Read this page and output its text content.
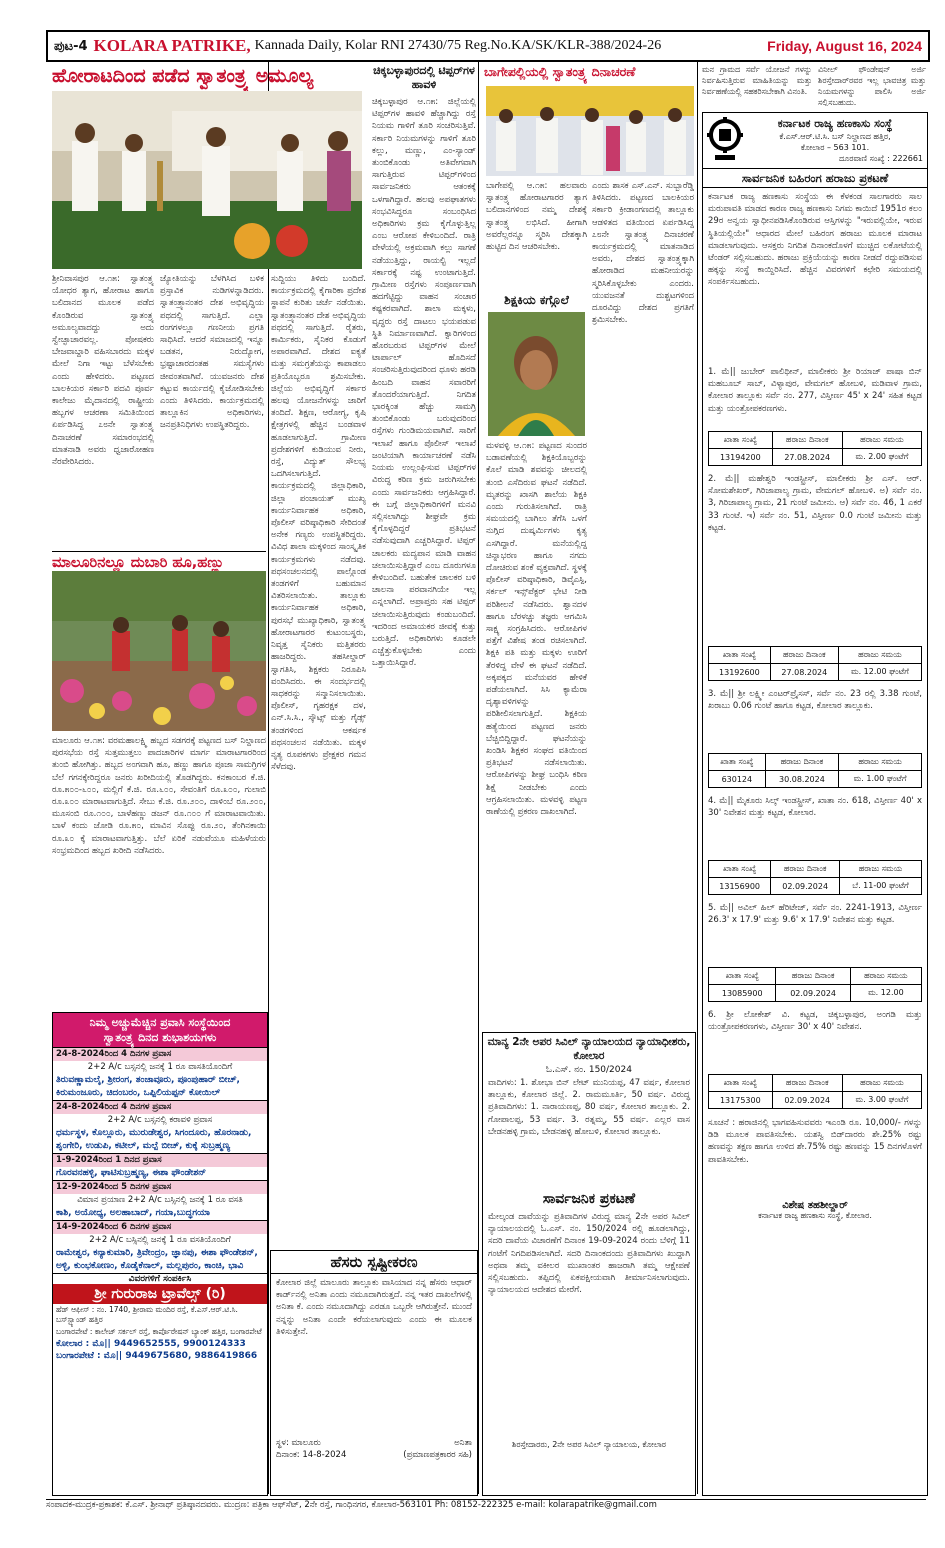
ಪುಟ-4 KOLARA PATRIKE, Kannada Daily, Kolar RNI 27430/75 Reg.No.KA/SK/KLR-388/2024-26	Friday, August 16, 2024
ಹೋರಾಟದಿಂದ ಪಡೆದ ಸ್ವಾತಂತ್ರ್ಯ ಅಮೂಲ್ಯ
ಶ್ರೀನಿವಾಸಪುರ ಆ.೧೫: ಸ್ವಾತಂತ್ರ್ಯ ಯೋಧರ ತ್ಯಾಗ, ಹೋರಾಟ ಹಾಗೂ ಬಲಿದಾನದ ಮೂಲಕ ಪಡೆದ ಕೊಂಡಿರುವ ಸ್ವಾತಂತ್ರ್ಯ ಅಮೂಲ್ಯವಾದದ್ದು ಅದು ಸ್ವೇಚ್ಛಾಚಾರವಲ್ಲ. ಪೋಷಕರು ಬೇಜವಾಬ್ದಾರಿ ವಹಿಸಬಾರದು ಮಕ್ಕಳ ಮೇಲೆ ನಿಗಾ ಇಟ್ಟು ಬೆಳೆಸಬೇಕು ಎಂದು ಹೇಳಿದರು. ಪಟ್ಟಣದ ಬಾಲಕಿಯರ ಸರ್ಕಾರಿ ಪದವಿ ಪೂರ್ವ ಕಾಲೇಜು ಮೈದಾನದಲ್ಲಿ ರಾಷ್ಟ್ರೀಯ ಹಬ್ಬಗಳ ಆಚರಣಾ ಸಮಿತಿಯಿಂದ ಏರ್ಪಡಿಸಿದ್ದ ೭೮ನೇ ಸ್ವಾತಂತ್ರ್ಯ ದಿನಾಚರಣೆ ಸಮಾರಂಭದಲ್ಲಿ ಮಾತನಾಡಿ ಅವರು ಧ್ವಜಾರೋಹಣ ನೆರವೇರಿಸಿದರು.
ಜ್ಯೋತಿಯನ್ನು ಬೆಳಗಿಸಿದ ಬಳಿಕ ಪ್ರಸ್ತಾವಿಕ ನುಡಿಗಳನ್ನಾಡಿದರು. ಸ್ವಾತಂತ್ರ್ಯಾನಂತರ ದೇಶ ಅಭಿವೃದ್ಧಿಯ ಪಥದಲ್ಲಿ ಸಾಗುತ್ತಿದೆ. ಎಲ್ಲಾ ರಂಗಗಳಲ್ಲೂ ಗಣನೀಯ ಪ್ರಗತಿ ಸಾಧಿಸಿದೆ. ಆದರೆ ಸಮಾಜದಲ್ಲಿ ಇನ್ನೂ ಬಡತನ, ನಿರುದ್ಯೋಗ, ಭ್ರಷ್ಟಾಚಾರದಂತಹ ಸಮಸ್ಯೆಗಳು ಜೀವಂತವಾಗಿವೆ. ಯುವಜನರು ದೇಶ ಕಟ್ಟುವ ಕಾರ್ಯದಲ್ಲಿ ಕೈಜೋಡಿಸಬೇಕು ಎಂದು ತಿಳಿಸಿದರು. ಕಾರ್ಯಕ್ರಮದಲ್ಲಿ ತಾಲ್ಲೂಕಿನ ಅಧಿಕಾರಿಗಳು, ಜನಪ್ರತಿನಿಧಿಗಳು ಉಪಸ್ಥಿತರಿದ್ದರು.
ಮಾಲೂರಿನಲ್ಲೂ ದುಬಾರಿ ಹೂ,ಹಣ್ಣು
ಮಾಲೂರು ಆ.೧೫: ವರಮಹಾಲಕ್ಷ್ಮಿ ಹಬ್ಬದ ಸಡಗರಕ್ಕೆ ಪಟ್ಟಣದ ಬಸ್ ನಿಲ್ದಾಣದ ಪುರಸಭೆಯ ರಸ್ತೆ ಸುತ್ತಮುತ್ತಲು ಪಾದಚಾರಿಗಳ ಮಾರ್ಗ ಮಾರಾಟಗಾರರಿಂದ ತುಂಬಿ ಹೋಗಿತ್ತು. ಹಬ್ಬದ ಅಂಗವಾಗಿ ಹೂ, ಹಣ್ಣು ಹಾಗೂ ಪೂಜಾ ಸಾಮಗ್ರಿಗಳ ಬೆಲೆ ಗಗನಕ್ಕೇರಿದ್ದರೂ ಜನರು ಖರೀದಿಯಲ್ಲಿ ತೊಡಗಿದ್ದರು. ಕನಕಾಂಬರ ಕೆ.ಜಿ. ರೂ.೫೦೦-೬೦೦, ಮಲ್ಲಿಗೆ ಕೆ.ಜಿ. ರೂ.೬೦೦, ಸೇವಂತಿಗೆ ರೂ.೩೦೦, ಗುಲಾಬಿ ರೂ.೩೦೦ ಮಾರಾಟವಾಗುತ್ತಿದೆ. ಸೇಬು ಕೆ.ಜಿ. ರೂ.೨೦೦, ದಾಳಿಂಬೆ ರೂ.೨೦೦, ಮೂಸಂಬಿ ರೂ.೧೦೦, ಬಾಳೆಹಣ್ಣು ಡಜನ್ ರೂ.೧೦೦ ಗೆ ಮಾರಾಟವಾಯಿತು. ಬಾಳೆ ಕಂದು ಜೋಡಿ ರೂ.೫೦, ಮಾವಿನ ಸೊಪ್ಪು ರೂ.೨೦, ತೆಂಗಿನಕಾಯಿ ರೂ.೩೦ ಕ್ಕೆ ಮಾರಾಟವಾಗುತ್ತಿತ್ತು. ಬೆಲೆ ಏರಿಕೆ ನಡುವೆಯೂ ಮಹಿಳೆಯರು ಸಂಭ್ರಮದಿಂದ ಹಬ್ಬದ ಖರೀದಿ ನಡೆಸಿದರು.
ಸುದ್ದಿಯು ತಿಳಿದು ಬಂದಿದೆ. ಕಾರ್ಯಕ್ರಮದಲ್ಲಿ ಕೈಗಾರಿಕಾ ಪ್ರದೇಶ ಸ್ಥಾಪನೆ ಕುರಿತು ಚರ್ಚೆ ನಡೆಯಿತು. ಸ್ವಾತಂತ್ರ್ಯಾನಂತರ ದೇಶ ಅಭಿವೃದ್ಧಿಯ ಪಥದಲ್ಲಿ ಸಾಗುತ್ತಿದೆ. ರೈತರು, ಕಾರ್ಮಿಕರು, ಸೈನಿಕರ ಕೊಡುಗೆ ಅಪಾರವಾಗಿದೆ. ದೇಶದ ಐಕ್ಯತೆ ಮತ್ತು ಸಮಗ್ರತೆಯನ್ನು ಕಾಪಾಡಲು ಪ್ರತಿಯೊಬ್ಬರೂ ಶ್ರಮಿಸಬೇಕು. ಜಿಲ್ಲೆಯ ಅಭಿವೃದ್ಧಿಗೆ ಸರ್ಕಾರ ಹಲವು ಯೋಜನೆಗಳನ್ನು ಜಾರಿಗೆ ತಂದಿದೆ. ಶಿಕ್ಷಣ, ಆರೋಗ್ಯ, ಕೃಷಿ ಕ್ಷೇತ್ರಗಳಲ್ಲಿ ಹೆಚ್ಚಿನ ಬಂಡವಾಳ ಹೂಡಲಾಗುತ್ತಿದೆ. ಗ್ರಾಮೀಣ ಪ್ರದೇಶಗಳಿಗೆ ಕುಡಿಯುವ ನೀರು, ರಸ್ತೆ, ವಿದ್ಯುತ್ ಸೌಲಭ್ಯ ಒದಗಿಸಲಾಗುತ್ತಿದೆ. ಕಾರ್ಯಕ್ರಮದಲ್ಲಿ ಜಿಲ್ಲಾಧಿಕಾರಿ, ಜಿಲ್ಲಾ ಪಂಚಾಯತ್ ಮುಖ್ಯ ಕಾರ್ಯನಿರ್ವಾಹಕ ಅಧಿಕಾರಿ, ಪೊಲೀಸ್ ವರಿಷ್ಠಾಧಿಕಾರಿ ಸೇರಿದಂತೆ ಅನೇಕ ಗಣ್ಯರು ಉಪಸ್ಥಿತರಿದ್ದರು. ವಿವಿಧ ಶಾಲಾ ಮಕ್ಕಳಿಂದ ಸಾಂಸ್ಕೃತಿಕ ಕಾರ್ಯಕ್ರಮಗಳು ನಡೆದವು. ಪಥಸಂಚಲನದಲ್ಲಿ ಪಾಲ್ಗೊಂಡ ತಂಡಗಳಿಗೆ ಬಹುಮಾನ ವಿತರಿಸಲಾಯಿತು. ತಾಲ್ಲೂಕು ಕಾರ್ಯನಿರ್ವಾಹಕ ಅಧಿಕಾರಿ, ಪುರಸಭೆ ಮುಖ್ಯಾಧಿಕಾರಿ, ಸ್ವಾತಂತ್ರ್ಯ ಹೋರಾಟಗಾರರ ಕುಟುಂಬಸ್ಥರು, ನಿವೃತ್ತ ಸೈನಿಕರು ಮತ್ತಿತರರು ಹಾಜರಿದ್ದರು. ತಹಸೀಲ್ದಾರ್ ಸ್ವಾಗತಿಸಿ, ಶಿಕ್ಷಕರು ನಿರೂಪಿಸಿ ವಂದಿಸಿದರು. ಈ ಸಂದರ್ಭದಲ್ಲಿ ಸಾಧಕರನ್ನು ಸನ್ಮಾನಿಸಲಾಯಿತು. ಪೊಲೀಸ್, ಗೃಹರಕ್ಷಕ ದಳ, ಎನ್.ಸಿ.ಸಿ., ಸ್ಕೌಟ್ಸ್ ಮತ್ತು ಗೈಡ್ಸ್ ತಂಡಗಳಿಂದ ಆಕರ್ಷಕ ಪಥಸಂಚಲನ ನಡೆಯಿತು. ಮಕ್ಕಳ ನೃತ್ಯ ರೂಪಕಗಳು ಪ್ರೇಕ್ಷಕರ ಗಮನ ಸೆಳೆದವು.
ಚಿಕ್ಕಬಳ್ಳಾಪುರದಲ್ಲಿ ಟಿಪ್ಪರ್‌ಗಳ ಹಾವಳಿ
ಚಿಕ್ಕಬಳ್ಳಾಪುರ ಆ.೧೫: ಜಿಲ್ಲೆಯಲ್ಲಿ ಟಿಪ್ಪರ್‌ಗಳ ಹಾವಳಿ ಹೆಚ್ಚಾಗಿದ್ದು ರಸ್ತೆ ನಿಯಮ ಗಾಳಿಗೆ ತೂರಿ ಸಂಚರಿಸುತ್ತಿವೆ. ಸರ್ಕಾರಿ ನಿಯಮಗಳನ್ನು ಗಾಳಿಗೆ ತೂರಿ ಕಲ್ಲು, ಮಣ್ಣು, ಎಂ-ಸ್ಯಾಂಡ್ ತುಂಬಿಕೊಂಡು ಅತಿವೇಗವಾಗಿ ಸಾಗುತ್ತಿರುವ ಟಿಪ್ಪರ್‌ಗಳಿಂದ ಸಾರ್ವಜನಿಕರು ಆತಂಕಕ್ಕೆ ಒಳಗಾಗಿದ್ದಾರೆ. ಹಲವು ಅಪಘಾತಗಳು ಸಂಭವಿಸಿದ್ದರೂ ಸಂಬಂಧಿಸಿದ ಅಧಿಕಾರಿಗಳು ಕ್ರಮ ಕೈಗೊಳ್ಳುತ್ತಿಲ್ಲ ಎಂಬ ಆರೋಪ ಕೇಳಿಬಂದಿದೆ. ರಾತ್ರಿ ವೇಳೆಯಲ್ಲಿ ಅಕ್ರಮವಾಗಿ ಕಲ್ಲು ಸಾಗಣೆ ನಡೆಯುತ್ತಿದ್ದು, ರಾಯಲ್ಟಿ ಇಲ್ಲದೆ ಸರ್ಕಾರಕ್ಕೆ ನಷ್ಟ ಉಂಟಾಗುತ್ತಿದೆ. ಗ್ರಾಮೀಣ ರಸ್ತೆಗಳು ಸಂಪೂರ್ಣವಾಗಿ ಹದಗೆಟ್ಟಿದ್ದು ವಾಹನ ಸಂಚಾರ ಕಷ್ಟಕರವಾಗಿದೆ. ಶಾಲಾ ಮಕ್ಕಳು, ವೃದ್ಧರು ರಸ್ತೆ ದಾಟಲು ಭಯಪಡುವ ಸ್ಥಿತಿ ನಿರ್ಮಾಣವಾಗಿದೆ. ಕ್ವಾರಿಗಳಿಂದ ಹೊರಬರುವ ಟಿಪ್ಪರ್‌ಗಳ ಮೇಲೆ ಟಾರ್ಪಾಲ್ ಹೊದಿಸದೆ ಸಂಚರಿಸುತ್ತಿರುವುದರಿಂದ ಧೂಳು ಹರಡಿ ಹಿಂಬದಿ ವಾಹನ ಸವಾರರಿಗೆ ತೊಂದರೆಯಾಗುತ್ತಿದೆ. ನಿಗದಿತ ಭಾರಕ್ಕಿಂತ ಹೆಚ್ಚು ಸಾಮಗ್ರಿ ತುಂಬಿಕೊಂಡು ಬರುವುದರಿಂದ ರಸ್ತೆಗಳು ಗುಂಡಿಮಯವಾಗಿವೆ. ಸಾರಿಗೆ ಇಲಾಖೆ ಹಾಗೂ ಪೊಲೀಸ್ ಇಲಾಖೆ ಜಂಟಿಯಾಗಿ ಕಾರ್ಯಾಚರಣೆ ನಡೆಸಿ ನಿಯಮ ಉಲ್ಲಂಘಿಸುವ ಟಿಪ್ಪರ್‌ಗಳ ವಿರುದ್ಧ ಕಠಿಣ ಕ್ರಮ ಜರುಗಿಸಬೇಕು ಎಂದು ಸಾರ್ವಜನಿಕರು ಆಗ್ರಹಿಸಿದ್ದಾರೆ. ಈ ಬಗ್ಗೆ ಜಿಲ್ಲಾಧಿಕಾರಿಗಳಿಗೆ ಮನವಿ ಸಲ್ಲಿಸಲಾಗಿದ್ದು ಶೀಘ್ರವೇ ಕ್ರಮ ಕೈಗೊಳ್ಳದಿದ್ದರೆ ಪ್ರತಿಭಟನೆ ನಡೆಸುವುದಾಗಿ ಎಚ್ಚರಿಸಿದ್ದಾರೆ. ಟಿಪ್ಪರ್ ಚಾಲಕರು ಮದ್ಯಪಾನ ಮಾಡಿ ವಾಹನ ಚಲಾಯಿಸುತ್ತಿದ್ದಾರೆ ಎಂಬ ದೂರುಗಳೂ ಕೇಳಿಬಂದಿವೆ. ಬಹುತೇಕ ಚಾಲಕರ ಬಳಿ ಚಾಲನಾ ಪರವಾನಗಿಯೇ ಇಲ್ಲ ಎನ್ನಲಾಗಿದೆ. ಅಪ್ರಾಪ್ತರು ಸಹ ಟಿಪ್ಪರ್ ಚಲಾಯಿಸುತ್ತಿರುವುದು ಕಂಡುಬಂದಿದೆ. ಇದರಿಂದ ಅಮಾಯಕರ ಜೀವಕ್ಕೆ ಕುತ್ತು ಬರುತ್ತಿದೆ. ಅಧಿಕಾರಿಗಳು ಕೂಡಲೇ ಎಚ್ಚೆತ್ತುಕೊಳ್ಳಬೇಕು ಎಂದು ಒತ್ತಾಯಿಸಿದ್ದಾರೆ.
ನಿಮ್ಮ ಅಚ್ಚುಮೆಚ್ಚಿನ ಪ್ರವಾಸಿ ಸಂಸ್ಥೆಯಿಂದ
ಸ್ವಾತಂತ್ರ್ಯ ದಿನದ ಶುಭಾಶಯಗಳು
24-8-2024ರಿಂದ 4 ದಿನಗಳ ಪ್ರವಾಸ
2+2 A/c ಬಸ್ಸನಲ್ಲಿ ಜನಕ್ಕೆ 1 ರೂ ವಾಸತಿಯೊಂದಿಗೆ
ತಿರುವಣ್ಣಾಮಲೈ, ಶ್ರೀರಂಗ, ತಂಜಾವೂರು, ಪೂಂಪುಹಾರ್ ಬೀಚ್, ಕಿರುಮಂಜೂರು, ಚಿದಂಬರಂ, ಒಪ್ಪಿಲಿಯಪ್ಪನ್ ಕೋಯಿಲ್
24-8-2024ರಿಂದ 4 ದಿನಗಳ ಪ್ರವಾಸ
2+2 A/c ಬಸ್ಸನಲ್ಲಿ ಕರಾವಳಿ ಪ್ರವಾಸ
ಧರ್ಮಸ್ಥಳ, ಕೊಲ್ಲೂರು, ಮುರುಡೇಶ್ವರ, ಸಿಗಂದೂರು, ಹೊರನಾಡು, ಶೃಂಗೇರಿ, ಉಡುಪಿ, ಕಟೀಲ್, ಮಲ್ಪೆ ಬೀಚ್, ಕುಕ್ಕೆ ಸುಬ್ರಹ್ಮಣ್ಯ
1-9-2024ರಿಂದ 1 ದಿನದ ಪ್ರವಾಸ
ಗೊರವನಹಳ್ಳಿ, ಘಾಟಿಸುಬ್ರಹ್ಮಣ್ಯ, ಈಶಾ ಫೌಂಡೇಶನ್
12-9-2024ರಿಂದ 5 ದಿನಗಳ ಪ್ರವಾಸ
ವಿಮಾನ ಪ್ರಯಾಣ 2+2 A/c ಬಸ್ಸಿನಲ್ಲಿ ಜನಕ್ಕೆ 1 ರೂ ವಸತಿ
ಕಾಶಿ, ಅಯೋಧ್ಯ, ಅಲಹಾಬಾದ್, ಗಯಾ,ಬುದ್ಧಗಯಾ
14-9-2024ರಿಂದ 6 ದಿನಗಳ ಪ್ರವಾಸ
2+2 A/c ಬಸ್ಸಿನಲ್ಲಿ ಜನಕ್ಕೆ 1 ರೂ ವಸತಿಯೊಂದಿಗೆ
ರಾಮೇಶ್ವರ, ಕನ್ಯಾಕುಮಾರಿ, ತ್ರಿವೇಂದ್ರಂ, ಜ್ಞಾನಪು, ಈಶಾ ಫೌಂಡೇಶನ್, ಅಳ್ಳಿ, ಕುಂಭಕೋಣಂ, ಕೊಡೈಕೆನಾಲ್, ಮಲ್ಲಪುರಂ, ಕಾಂಚಿ, ಭಾವಿ
ವಿವರಗಳಿಗೆ ಸಂಪರ್ಕಿಸಿ
ಶ್ರೀ ಗುರುರಾಜ ಟ್ರಾವೆಲ್ಸ್ (ರಿ)
ಹೆಡ್ ಆಫೀಸ್ : ನಂ. 1740, ಶ್ರೀರಾಮ ಮಂದಿರ ರಸ್ತೆ, ಕೆ.ಎಸ್.ಆರ್.ಟಿ.ಸಿ. ಬಸ್‌ಸ್ಟ್ಯಾಂಡ್ ಹತ್ತಿರ
ಬಂಗಾರಪೇಟೆ : ಕಾಲೇಜ್ ಸರ್ಕಲ್ ರಸ್ತೆ, ಕಾರ್ಪೊರೇಷನ್ ಬ್ಯಾಂಕ್ ಹತ್ತಿರ, ಬಂಗಾರಪೇಟೆ
ಕೋಲಾರ : ಮೊ|| 9449652555, 9900124333
ಬಂಗಾರಪೇಟೆ : ಮೊ|| 9449675680, 9886419866
ಹೆಸರು ಸ್ಪಷ್ಟೀಕರಣ
ಕೋಲಾರ ಜಿಲ್ಲೆ ಮಾಲೂರು ತಾಲ್ಲೂಕು ವಾಸಿಯಾದ ನನ್ನ ಹೆಸರು ಆಧಾರ್ ಕಾರ್ಡ್‌ನಲ್ಲಿ ಅನಿತಾ ಎಂದು ನಮೂದಾಗಿರುತ್ತದೆ. ನನ್ನ ಇತರ ದಾಖಲೆಗಳಲ್ಲಿ ಅನಿತಾ ಕೆ. ಎಂದು ನಮೂದಾಗಿದ್ದು ಎರಡೂ ಒಬ್ಬರೇ ಆಗಿರುತ್ತೇನೆ. ಮುಂದೆ ನನ್ನನ್ನು ಅನಿತಾ ಎಂದೇ ಕರೆಯಲಾಗುವುದು ಎಂದು ಈ ಮೂಲಕ ತಿಳಿಸುತ್ತೇನೆ.
ಸ್ಥಳ: ಮಾಲೂರು	ಅನಿತಾ
ದಿನಾಂಕ: 14-8-2024	(ಪ್ರಮಾಣಪತ್ರಕಾರರ ಸಹಿ)
ಬಾಗೇಪಲ್ಲಿಯಲ್ಲಿ ಸ್ವಾತಂತ್ರ್ಯ ದಿನಾಚರಣೆ
ಬಾಗೇಪಲ್ಲಿ ಆ.೧೫: ಹಲವಾರು ಸ್ವಾತಂತ್ರ್ಯ ಹೋರಾಟಗಾರರ ತ್ಯಾಗ ಬಲಿದಾನಗಳಿಂದ ನಮ್ಮ ದೇಶಕ್ಕೆ ಸ್ವಾತಂತ್ರ್ಯ ಲಭಿಸಿದೆ. ಹೀಗಾಗಿ ಅವರೆಲ್ಲರನ್ನೂ ಸ್ಮರಿಸಿ ದೇಶಕ್ಕಾಗಿ ಹುಟ್ಟಿದ ದಿನ ಆಚರಿಸಬೇಕು.
ಎಂದು ಶಾಸಕ ಎಸ್.ಎನ್. ಸುಬ್ಬಾರೆಡ್ಡಿ ತಿಳಿಸಿದರು. ಪಟ್ಟಣದ ಬಾಲಕಿಯರ ಸರ್ಕಾರಿ ಕ್ರೀಡಾಂಗಣದಲ್ಲಿ ತಾಲ್ಲೂಕು ಆಡಳಿತದ ವತಿಯಿಂದ ಏರ್ಪಡಿಸಿದ್ದ ೭೮ನೇ ಸ್ವಾತಂತ್ರ್ಯ ದಿನಾಚರಣೆ ಕಾರ್ಯಕ್ರಮದಲ್ಲಿ ಮಾತನಾಡಿದ ಅವರು, ದೇಶದ ಸ್ವಾತಂತ್ರ್ಯಕ್ಕಾಗಿ ಹೋರಾಡಿದ ಮಹನೀಯರನ್ನು ಸ್ಮರಿಸಿಕೊಳ್ಳಬೇಕು ಎಂದರು. ಯುವಜನತೆ ದುಶ್ಚಟಗಳಿಂದ ದೂರವಿದ್ದು ದೇಶದ ಪ್ರಗತಿಗೆ ಶ್ರಮಿಸಬೇಕು.
ಶಿಕ್ಷಕಿಯ ಕಗ್ಗೊಲೆ
ಮಳವಳ್ಳಿ ಆ.೧೫: ಪಟ್ಟಣದ ಸುಂದರ ಬಡಾವಣೆಯಲ್ಲಿ ಶಿಕ್ಷಕಿಯೊಬ್ಬರನ್ನು ಕೊಲೆ ಮಾಡಿ ಶವವನ್ನು ಚೀಲದಲ್ಲಿ ತುಂಬಿ ಎಸೆದಿರುವ ಘಟನೆ ನಡೆದಿದೆ. ಮೃತರನ್ನು ಖಾಸಗಿ ಶಾಲೆಯ ಶಿಕ್ಷಕಿ ಎಂದು ಗುರುತಿಸಲಾಗಿದೆ. ರಾತ್ರಿ ಸಮಯದಲ್ಲಿ ಬಾಗಿಲು ತೆಗೆಸಿ ಒಳಗೆ ನುಗ್ಗಿದ ದುಷ್ಕರ್ಮಿಗಳು ಕೃತ್ಯ ಎಸಗಿದ್ದಾರೆ. ಮನೆಯಲ್ಲಿದ್ದ ಚಿನ್ನಾಭರಣ ಹಾಗೂ ನಗದು ದೋಚಿರುವ ಶಂಕೆ ವ್ಯಕ್ತವಾಗಿದೆ. ಸ್ಥಳಕ್ಕೆ ಪೊಲೀಸ್ ವರಿಷ್ಠಾಧಿಕಾರಿ, ಡಿವೈಎಸ್ಪಿ, ಸರ್ಕಲ್ ಇನ್ಸ್‌ಪೆಕ್ಟರ್ ಭೇಟಿ ನೀಡಿ ಪರಿಶೀಲನೆ ನಡೆಸಿದರು. ಶ್ವಾನದಳ ಹಾಗೂ ಬೆರಳಚ್ಚು ತಜ್ಞರು ಆಗಮಿಸಿ ಸಾಕ್ಷ್ಯ ಸಂಗ್ರಹಿಸಿದರು. ಆರೋಪಿಗಳ ಪತ್ತೆಗೆ ವಿಶೇಷ ತಂಡ ರಚಿಸಲಾಗಿದೆ. ಶಿಕ್ಷಕಿ ಪತಿ ಮತ್ತು ಮಕ್ಕಳು ಊರಿಗೆ ತೆರಳಿದ್ದ ವೇಳೆ ಈ ಘಟನೆ ನಡೆದಿದೆ. ಅಕ್ಕಪಕ್ಕದ ಮನೆಯವರ ಹೇಳಿಕೆ ಪಡೆಯಲಾಗಿದೆ. ಸಿಸಿ ಕ್ಯಾಮೆರಾ ದೃಶ್ಯಾವಳಿಗಳನ್ನು ಪರಿಶೀಲಿಸಲಾಗುತ್ತಿದೆ. ಶಿಕ್ಷಕಿಯ ಹತ್ಯೆಯಿಂದ ಪಟ್ಟಣದ ಜನರು ಬೆಚ್ಚಿಬಿದ್ದಿದ್ದಾರೆ. ಘಟನೆಯನ್ನು ಖಂಡಿಸಿ ಶಿಕ್ಷಕರ ಸಂಘದ ವತಿಯಿಂದ ಪ್ರತಿಭಟನೆ ನಡೆಸಲಾಯಿತು. ಆರೋಪಿಗಳನ್ನು ಶೀಘ್ರ ಬಂಧಿಸಿ ಕಠಿಣ ಶಿಕ್ಷೆ ನೀಡಬೇಕು ಎಂದು ಆಗ್ರಹಿಸಲಾಯಿತು. ಮಳವಳ್ಳಿ ಪಟ್ಟಣ ಠಾಣೆಯಲ್ಲಿ ಪ್ರಕರಣ ದಾಖಲಾಗಿದೆ.
ಮಾನ್ಯ 2ನೇ ಅಪರ ಸಿವಿಲ್ ನ್ಯಾಯಾಲಯದ ನ್ಯಾಯಾಧೀಶರು, ಕೋಲಾರ
ಓ.ಎಸ್. ನಂ. 150/2024
ವಾದಿಗಳು: 1. ಶೋಭಾ ಬಿನ್ ಲೇಟ್ ಮುನಿಯಪ್ಪ, 47 ವರ್ಷ, ಕೋಲಾರ ತಾಲ್ಲೂಕು, ಕೋಲಾರ ಜಿಲ್ಲೆ. 2. ರಾಮಮೂರ್ತಿ, 50 ವರ್ಷ. ವಿರುದ್ಧ ಪ್ರತಿವಾದಿಗಳು: 1. ನಾರಾಯಣಪ್ಪ, 80 ವರ್ಷ, ಕೋಲಾರ ತಾಲ್ಲೂಕು. 2. ಗೋಪಾಲಪ್ಪ, 53 ವರ್ಷ. 3. ರತ್ನಮ್ಮ, 55 ವರ್ಷ. ಎಲ್ಲರ ವಾಸ ಬೇಡನಹಳ್ಳಿ ಗ್ರಾಮ, ಬೇಡನಹಳ್ಳಿ ಹೋಬಳಿ, ಕೋಲಾರ ತಾಲ್ಲೂಕು.
ಸಾರ್ವಜನಿಕ ಪ್ರಕಟಣೆ
ಮೇಲ್ಕಂಡ ದಾವೆಯನ್ನು ಪ್ರತಿವಾದಿಗಳ ವಿರುದ್ಧ ಮಾನ್ಯ 2ನೇ ಅಪರ ಸಿವಿಲ್ ನ್ಯಾಯಾಲಯದಲ್ಲಿ ಓ.ಎಸ್. ನಂ. 150/2024 ರಲ್ಲಿ ಹೂಡಲಾಗಿದ್ದು, ಸದರಿ ದಾವೆಯ ವಿಚಾರಣೆಗೆ ದಿನಾಂಕ 19-09-2024 ರಂದು ಬೆಳಿಗ್ಗೆ 11 ಗಂಟೆಗೆ ನಿಗದಿಪಡಿಸಲಾಗಿದೆ. ಸದರಿ ದಿನಾಂಕದಂದು ಪ್ರತಿವಾದಿಗಳು ಖುದ್ದಾಗಿ ಅಥವಾ ತಮ್ಮ ವಕೀಲರ ಮುಖಾಂತರ ಹಾಜರಾಗಿ ತಮ್ಮ ಆಕ್ಷೇಪಣೆ ಸಲ್ಲಿಸಬಹುದು. ತಪ್ಪಿದಲ್ಲಿ ಏಕಪಕ್ಷೀಯವಾಗಿ ತೀರ್ಮಾನಿಸಲಾಗುವುದು. ನ್ಯಾಯಾಲಯದ ಆದೇಶದ ಮೇರೆಗೆ.
ಶಿರಸ್ತೇದಾರರು, 2ನೇ ಅಪರ ಸಿವಿಲ್ ನ್ಯಾಯಾಲಯ, ಕೋಲಾರ
ಮನ ಗ್ರಾಮದ ಸರ್ವೆ ಯೋಜನೆ ಗಳನ್ನು ನಿರ್ವಹಿಸುತ್ತಿರುವ ಮಾಹಿತಿಯನ್ನು ಮತ್ತು ನಿರ್ವಹಣೆಯಲ್ಲಿ ಸಹಕರಿಸಬೇಕಾಗಿ ವಿನಂತಿ.
ವಿನೀಲ್ ಫೌಂಡೇಷನ್ ಅರ್ಜಿ ಶಿರಸ್ತೇದಾರ್‌ರವರ ಇಲ್ಲ ಭಾವಚಿತ್ರ ಮತ್ತು ನಿಯಮಗಳನ್ನು ಪಾಲಿಸಿ ಅರ್ಜಿ ಸಲ್ಲಿಸಬಹುದು.
ಕರ್ನಾಟಕ ರಾಜ್ಯ ಹಣಕಾಸು ಸಂಸ್ಥೆ
ಕೆ.ಎಸ್.ಆರ್.ಟಿ.ಸಿ. ಬಸ್ ನಿಲ್ದಾಣದ ಹತ್ತಿರ,
ಕೋಲಾರ – 563 101.
ದೂರವಾಣಿ ಸಂಖ್ಯೆ : 222661
ಸಾರ್ವಜನಿಕ ಬಹಿರಂಗ ಹರಾಜು ಪ್ರಕಟಣೆ
ಕರ್ನಾಟಕ ರಾಜ್ಯ ಹಣಕಾಸು ಸಂಸ್ಥೆಯ ಈ ಕೆಳಕಂಡ ಸಾಲಗಾರರು ಸಾಲ ಮರುಪಾವತಿ ಮಾಡದ ಕಾರಣ ರಾಜ್ಯ ಹಣಕಾಸು ನಿಗಮ ಕಾಯಿದೆ 1951ರ ಕಲಂ 29ರ ಅನ್ವಯ ಸ್ವಾಧೀನಪಡಿಸಿಕೊಂಡಿರುವ ಆಸ್ತಿಗಳನ್ನು "ಇರುವಲ್ಲಿಯೇ, ಇರುವ ಸ್ಥಿತಿಯಲ್ಲಿಯೇ" ಆಧಾರದ ಮೇಲೆ ಬಹಿರಂಗ ಹರಾಜು ಮೂಲಕ ಮಾರಾಟ ಮಾಡಲಾಗುವುದು. ಆಸಕ್ತರು ನಿಗದಿತ ದಿನಾಂಕದೊಳಗೆ ಮುಚ್ಚಿದ ಲಕೋಟೆಯಲ್ಲಿ ಟೆಂಡರ್ ಸಲ್ಲಿಸಬಹುದು. ಹರಾಜು ಪ್ರಕ್ರಿಯೆಯನ್ನು ಕಾರಣ ನೀಡದೆ ರದ್ದುಪಡಿಸುವ ಹಕ್ಕನ್ನು ಸಂಸ್ಥೆ ಕಾಯ್ದಿರಿಸಿದೆ. ಹೆಚ್ಚಿನ ವಿವರಗಳಿಗೆ ಕಛೇರಿ ಸಮಯದಲ್ಲಿ ಸಂಪರ್ಕಿಸಬಹುದು.
1. ಮೆ|| ಜುಬೇರ್ ಪಾಲಿಥೀನ್, ಮಾಲೀಕರು ಶ್ರೀ ರಿಯಾಜ್ ಪಾಷಾ ಬಿನ್ ಮಹಬೂಬ್ ಸಾಬ್, ವಿಳ್ಯಾಪುರ, ವೇಮಗಲ್ ಹೋಬಳಿ, ಮಡಿವಾಳ ಗ್ರಾಮ, ಕೋಲಾರ ತಾಲ್ಲೂಕು ಸರ್ವೆ ನಂ. 277, ವಿಸ್ತೀರ್ಣ 45' x 24' ಸಹಿತ ಕಟ್ಟಡ ಮತ್ತು ಯಂತ್ರೋಪಕರಣಗಳು.
ಖಾತಾ ಸಂಖ್ಯೆ	ಹರಾಜು ದಿನಾಂಕ	ಹರಾಜು ಸಮಯ
13194200	27.08.2024	ಮ. 2.00 ಘಂಟೆಗೆ
2. ಮೆ|| ಮಹೇಶ್ವರಿ ಇಂಡಸ್ಟ್ರೀಸ್, ಮಾಲೀಕರು ಶ್ರೀ ಎಸ್. ಆರ್. ಸೋಮಶೇಖರ್, ಗಿರಿಜಾಪಾಲ್ಯ ಗ್ರಾಮ, ವೇಮಗಲ್ ಹೋಬಳಿ. ಅ) ಸರ್ವೆ ನಂ. 3, ಗಿರಿಜಾಪಾಲ್ಯ ಗ್ರಾಮ, 21 ಗುಂಟೆ ಜಮೀನು. ಆ) ಸರ್ವೆ ನಂ. 46, 1 ಎಕರೆ 33 ಗುಂಟೆ. ಇ) ಸರ್ವೆ ನಂ. 51, ವಿಸ್ತೀರ್ಣ 0.0 ಗುಂಟೆ ಜಮೀನು ಮತ್ತು ಕಟ್ಟಡ.
ಖಾತಾ ಸಂಖ್ಯೆ	ಹರಾಜು ದಿನಾಂಕ	ಹರಾಜು ಸಮಯ
13192600	27.08.2024	ಮ. 12.00 ಘಂಟೆಗೆ
3. ಮೆ|| ಶ್ರೀ ಲಕ್ಷ್ಮೀ ಎಂಟರ್‌ಪ್ರೈಸಸ್, ಸರ್ವೆ ನಂ. 23 ರಲ್ಲಿ 3.38 ಗುಂಟೆ, ಖರಾಬು 0.06 ಗುಂಟೆ ಹಾಗೂ ಕಟ್ಟಡ, ಕೋಲಾರ ತಾಲ್ಲೂಕು.
ಖಾತಾ ಸಂಖ್ಯೆ	ಹರಾಜು ದಿನಾಂಕ	ಹರಾಜು ಸಮಯ
630124	30.08.2024	ಮ. 1.00 ಘಂಟೆಗೆ
4. ಮೆ|| ಮೈಕೂರು ಸಿಲ್ಕ್ ಇಂಡಸ್ಟ್ರೀಸ್, ಖಾತಾ ನಂ. 618, ವಿಸ್ತೀರ್ಣ 40' x 30' ನಿವೇಶನ ಮತ್ತು ಕಟ್ಟಡ, ಕೋಲಾರ.
ಖಾತಾ ಸಂಖ್ಯೆ	ಹರಾಜು ದಿನಾಂಕ	ಹರಾಜು ಸಮಯ
13156900	02.09.2024	ಬೆ. 11-00 ಘಂಟೆಗೆ
5. ಮೆ|| ಅವಿಲ್ ಹಿಲ್ ಹೆರಿಟೇಜ್, ಸರ್ವೆ ನಂ. 2241-1913, ವಿಸ್ತೀರ್ಣ 26.3' x 17.9' ಮತ್ತು 9.6' x 17.9' ನಿವೇಶನ ಮತ್ತು ಕಟ್ಟಡ.
ಖಾತಾ ಸಂಖ್ಯೆ	ಹರಾಜು ದಿನಾಂಕ	ಹರಾಜು ಸಮಯ
13085900	02.09.2024	ಮ. 12.00
6. ಶ್ರೀ ಲೋಕೇಶ್ ವಿ. ಕಟ್ಟಡ, ಚಿಕ್ಕಬಳ್ಳಾಪುರ, ಅಂಗಡಿ ಮತ್ತು ಯಂತ್ರೋಪಕರಣಗಳು, ವಿಸ್ತೀರ್ಣ 30' x 40' ನಿವೇಶನ.
ಖಾತಾ ಸಂಖ್ಯೆ	ಹರಾಜು ದಿನಾಂಕ	ಹರಾಜು ಸಮಯ
13175300	02.09.2024	ಮ. 3.00 ಘಂಟೆಗೆ
ಸೂಚನೆ : ಹರಾಜಿನಲ್ಲಿ ಭಾಗವಹಿಸುವವರು ಇಎಂಡಿ ರೂ. 10,000/- ಗಳನ್ನು ಡಿಡಿ ಮೂಲಕ ಪಾವತಿಸಬೇಕು. ಯಶಸ್ವಿ ಬಿಡ್‌ದಾರರು ಶೇ.25% ರಷ್ಟು ಹಣವನ್ನು ತಕ್ಷಣ ಹಾಗೂ ಉಳಿದ ಶೇ.75% ರಷ್ಟು ಹಣವನ್ನು 15 ದಿನಗಳೊಳಗೆ ಪಾವತಿಸಬೇಕು.
ವಿಶೇಷ ತಹಶೀಲ್ದಾರ್
ಕರ್ನಾಟಕ ರಾಜ್ಯ ಹಣಕಾಸು ಸಂಸ್ಥೆ, ಕೋಲಾರ.
ಸಂಪಾದಕ-ಮುದ್ರಕ-ಪ್ರಕಾಶಕ: ಕೆ.ಎಸ್. ಶ್ರೀನಾಥ್ ಪ್ರತಿಷ್ಠಾನದವರು. ಮುದ್ರಣ: ಪತ್ರಿಕಾ ಆಫ್‌ಸೆಟ್, 2ನೇ ರಸ್ತೆ, ಗಾಂಧಿನಗರ, ಕೋಲಾರ-563101 Ph: 08152-222325 e-mail: kolarapatrike@gmail.com
